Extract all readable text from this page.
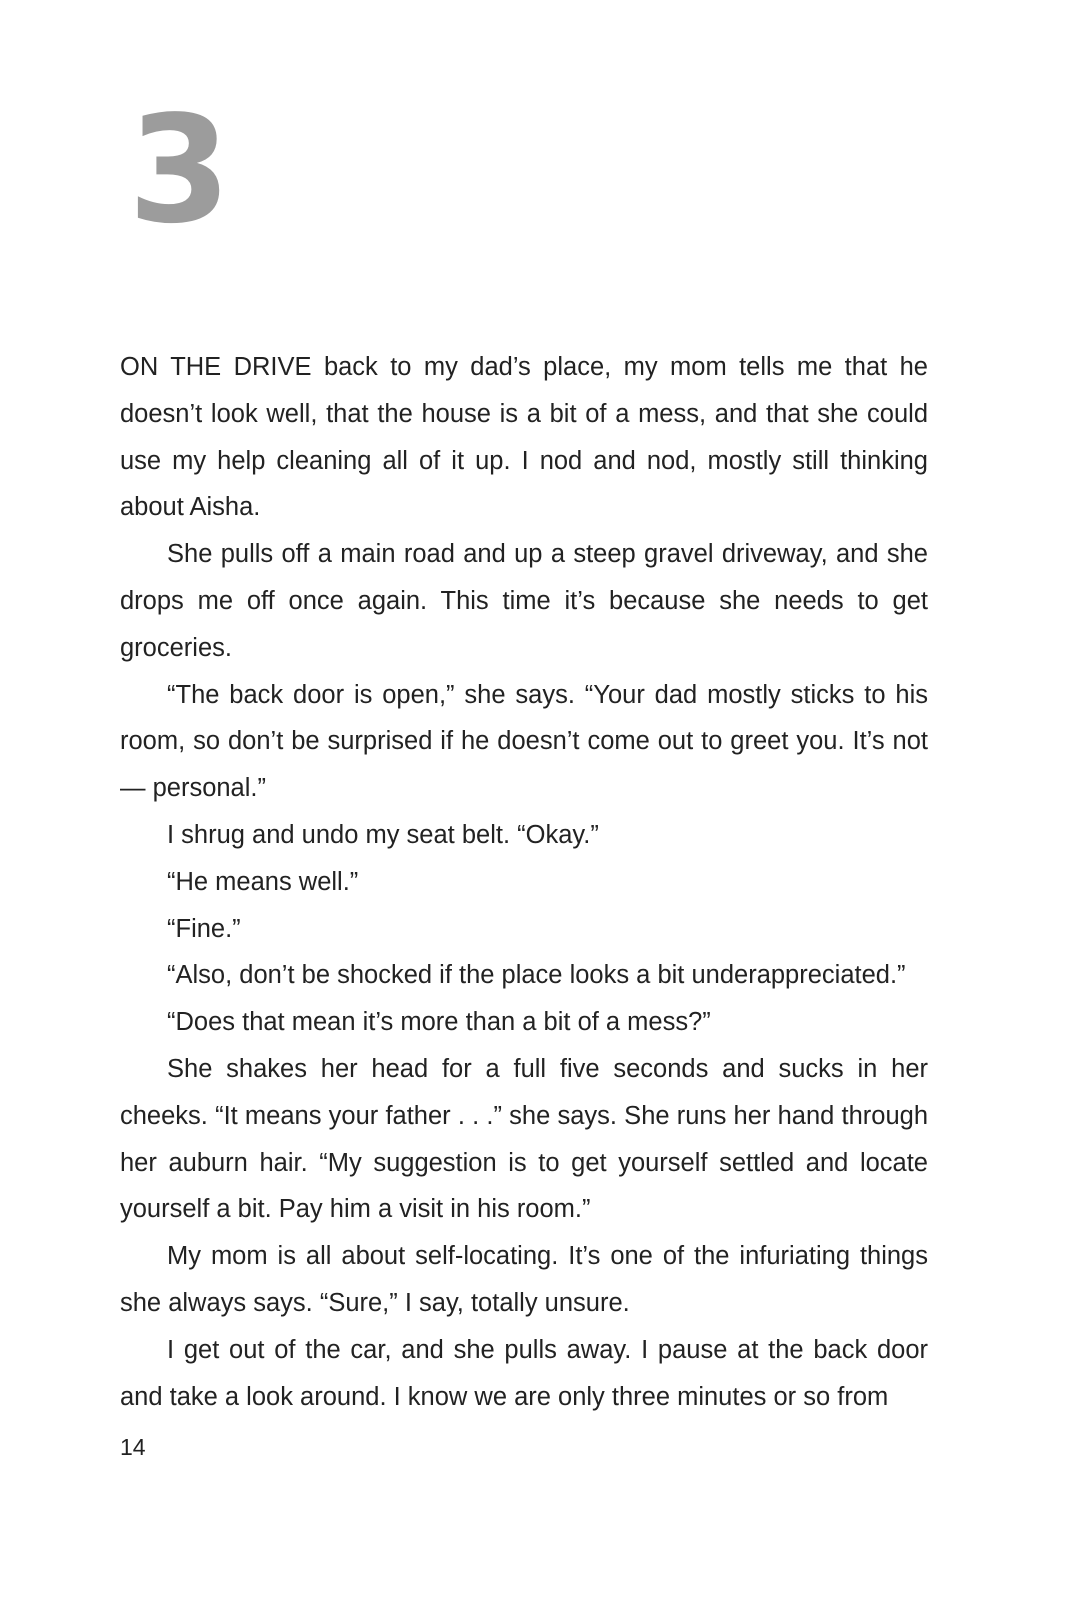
3

ON THE DRIVE back to my dad’s place, my mom tells me that he doesn’t look well, that the house is a bit of a mess, and that she could use my help cleaning all of it up. I nod and nod, mostly still thinking about Aisha.

She pulls off a main road and up a steep gravel driveway, and she drops me off once again. This time it’s because she needs to get groceries.

“The back door is open,” she says. “Your dad mostly sticks to his room, so don’t be surprised if he doesn’t come out to greet you. It’s not — personal.”

I shrug and undo my seat belt. “Okay.”

“He means well.”

“Fine.”

“Also, don’t be shocked if the place looks a bit underappreciated.”

“Does that mean it’s more than a bit of a mess?”

She shakes her head for a full five seconds and sucks in her cheeks. “It means your father . . .” she says. She runs her hand through her auburn hair. “My suggestion is to get yourself settled and locate yourself a bit. Pay him a visit in his room.”

My mom is all about self-locating. It’s one of the infuriating things she always says. “Sure,” I say, totally unsure.

I get out of the car, and she pulls away. I pause at the back door and take a look around. I know we are only three minutes or so from

14
